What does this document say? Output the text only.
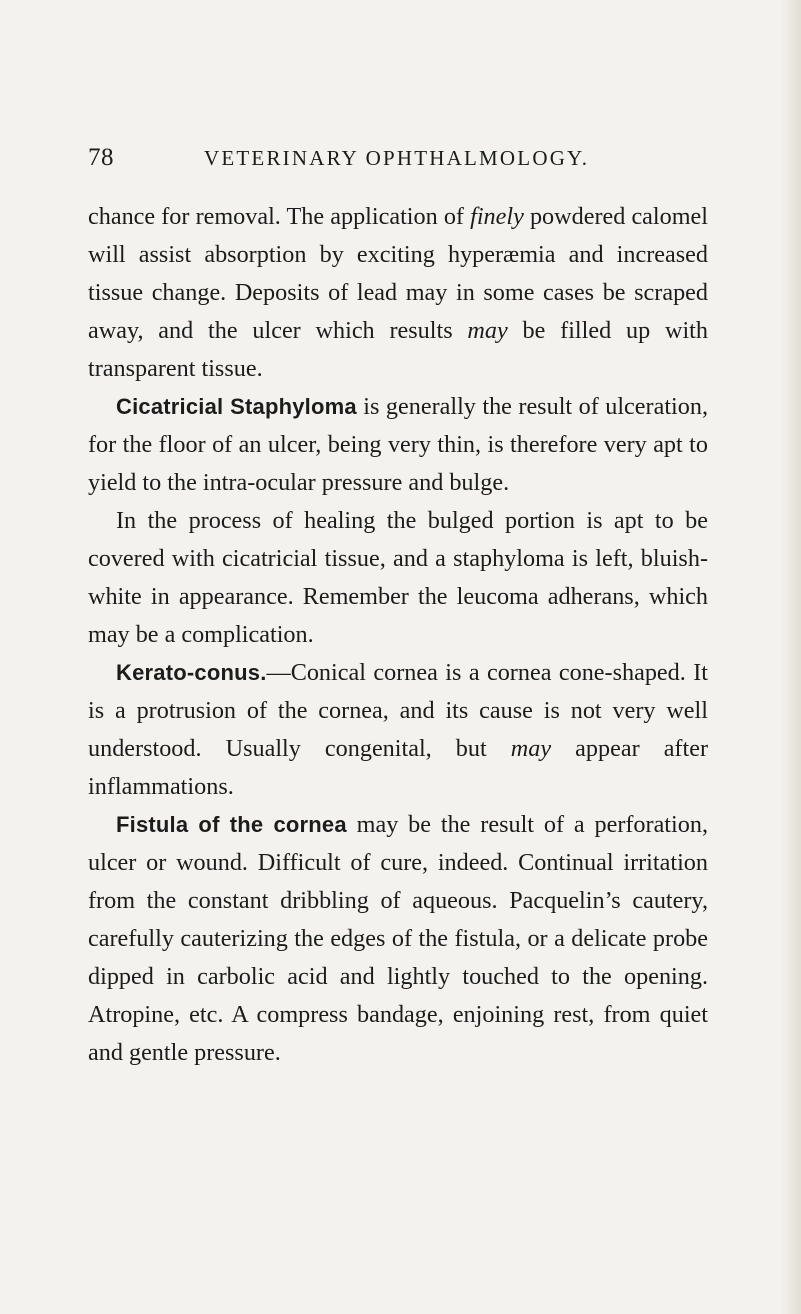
78	VETERINARY OPHTHALMOLOGY.

chance for removal. The application of finely powdered calomel will assist absorption by exciting hyperæmia and increased tissue change. Deposits of lead may in some cases be scraped away, and the ulcer which results may be filled up with transparent tissue.

Cicatricial Staphyloma is generally the result of ulceration, for the floor of an ulcer, being very thin, is therefore very apt to yield to the intra-ocular pressure and bulge.

In the process of healing the bulged portion is apt to be covered with cicatricial tissue, and a staphyloma is left, bluish-white in appearance. Remember the leucoma adherans, which may be a complication.

Kerato-conus.—Conical cornea is a cornea cone-shaped. It is a protrusion of the cornea, and its cause is not very well understood. Usually congenital, but may appear after inflammations.

Fistula of the cornea may be the result of a perforation, ulcer or wound. Difficult of cure, indeed. Continual irritation from the constant dribbling of aqueous. Pacquelin’s cautery, carefully cauterizing the edges of the fistula, or a delicate probe dipped in carbolic acid and lightly touched to the opening. Atropine, etc. A compress bandage, enjoining rest, from quiet and gentle pressure.
